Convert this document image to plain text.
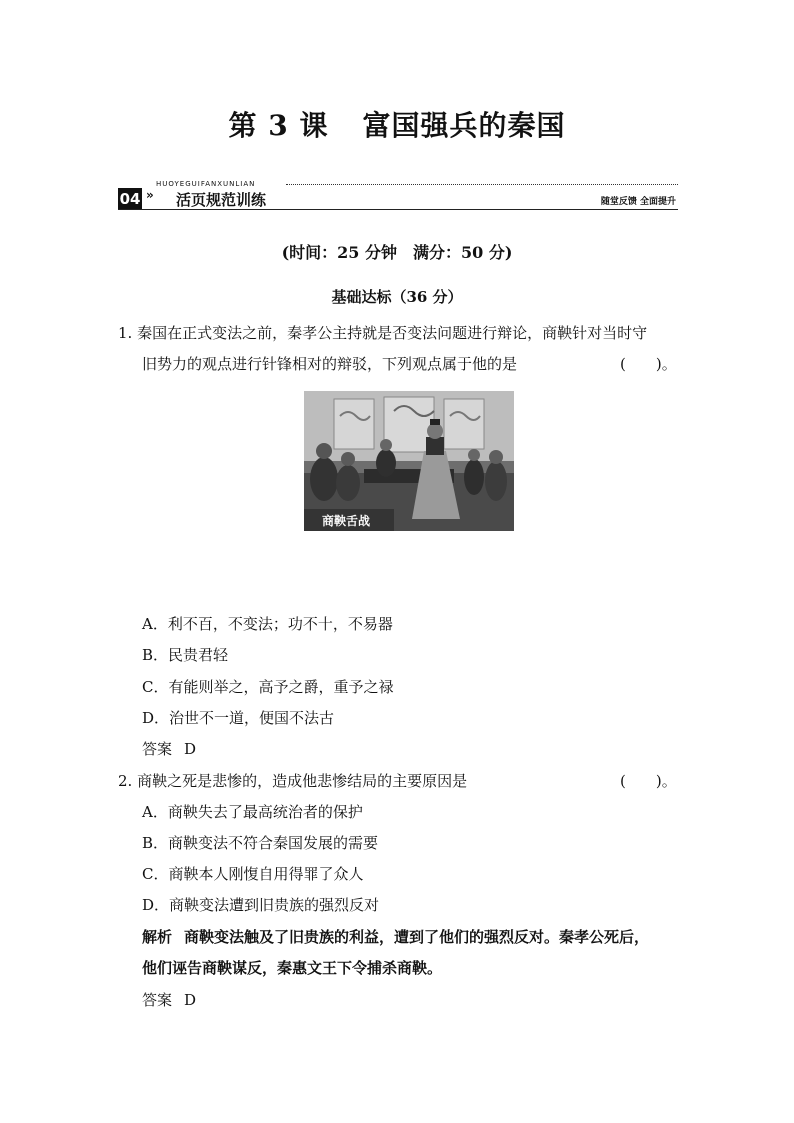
第 3 课 富国强兵的秦国
HUOYEGUIFANXUNLIAN
04 » 活页规范训练	随堂反馈 全面提升
(时间：25 分钟　满分：50 分)
基础达标（36 分）
1. 秦国在正式变法之前，秦孝公主持就是否变法问题进行辩论，商鞅针对当时守
旧势力的观点进行针锋相对的辩驳，下列观点属于他的是	(　　)。
商鞅舌战
A．利不百，不变法；功不十，不易器
B．民贵君轻
C．有能则举之，高予之爵，重予之禄
D．治世不一道，便国不法古
答案 D
2. 商鞅之死是悲惨的，造成他悲惨结局的主要原因是	(　　)。
A．商鞅失去了最高统治者的保护
B．商鞅变法不符合秦国发展的需要
C．商鞅本人刚愎自用得罪了众人
D．商鞅变法遭到旧贵族的强烈反对
解析 商鞅变法触及了旧贵族的利益，遭到了他们的强烈反对。秦孝公死后，
他们诬告商鞅谋反，秦惠文王下令捕杀商鞅。
答案 D
